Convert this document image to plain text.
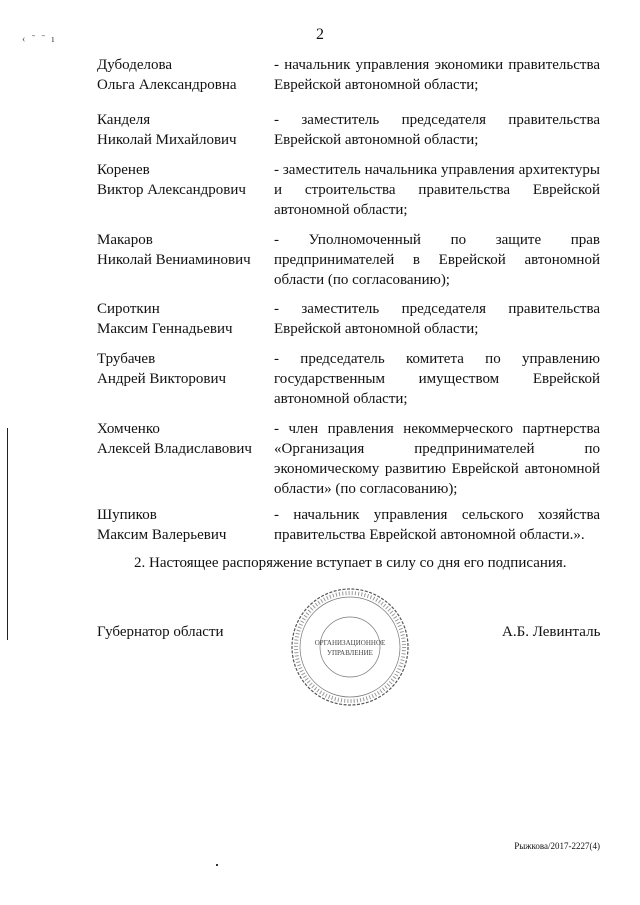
2
‹ ˉ ˉ ı
Дубоделова
Ольга Александровна
- начальник управления экономики правительства Еврейской автономной области;
Канделя
Николай Михайлович
- заместитель председателя правительства Еврейской автономной области;
Коренев
Виктор Александрович
- заместитель начальника управления архитектуры и строительства правительства Еврейской автономной области;
Макаров
Николай Вениаминович
- Уполномоченный по защите прав предпринимателей в Еврейской автономной области (по согласованию);
Сироткин
Максим Геннадьевич
- заместитель председателя правительства Еврейской автономной области;
Трубачев
Андрей Викторович
- председатель комитета по управлению государственным имуществом Еврейской автономной области;
Хомченко
Алексей Владиславович
- член правления некоммерческого партнерства «Организация предпринимателей по экономическому развитию Еврейской автономной области» (по согласованию);
Шупиков
Максим Валерьевич
- начальник управления сельского хозяйства правительства Еврейской автономной области.».
2. Настоящее распоряжение вступает в силу со дня его подписания.
Губернатор области
ОРГАНИЗАЦИОННОЕ
УПРАВЛЕНИЕ
А.Б. Левинталь
Рыжкова/2017-2227(4)
